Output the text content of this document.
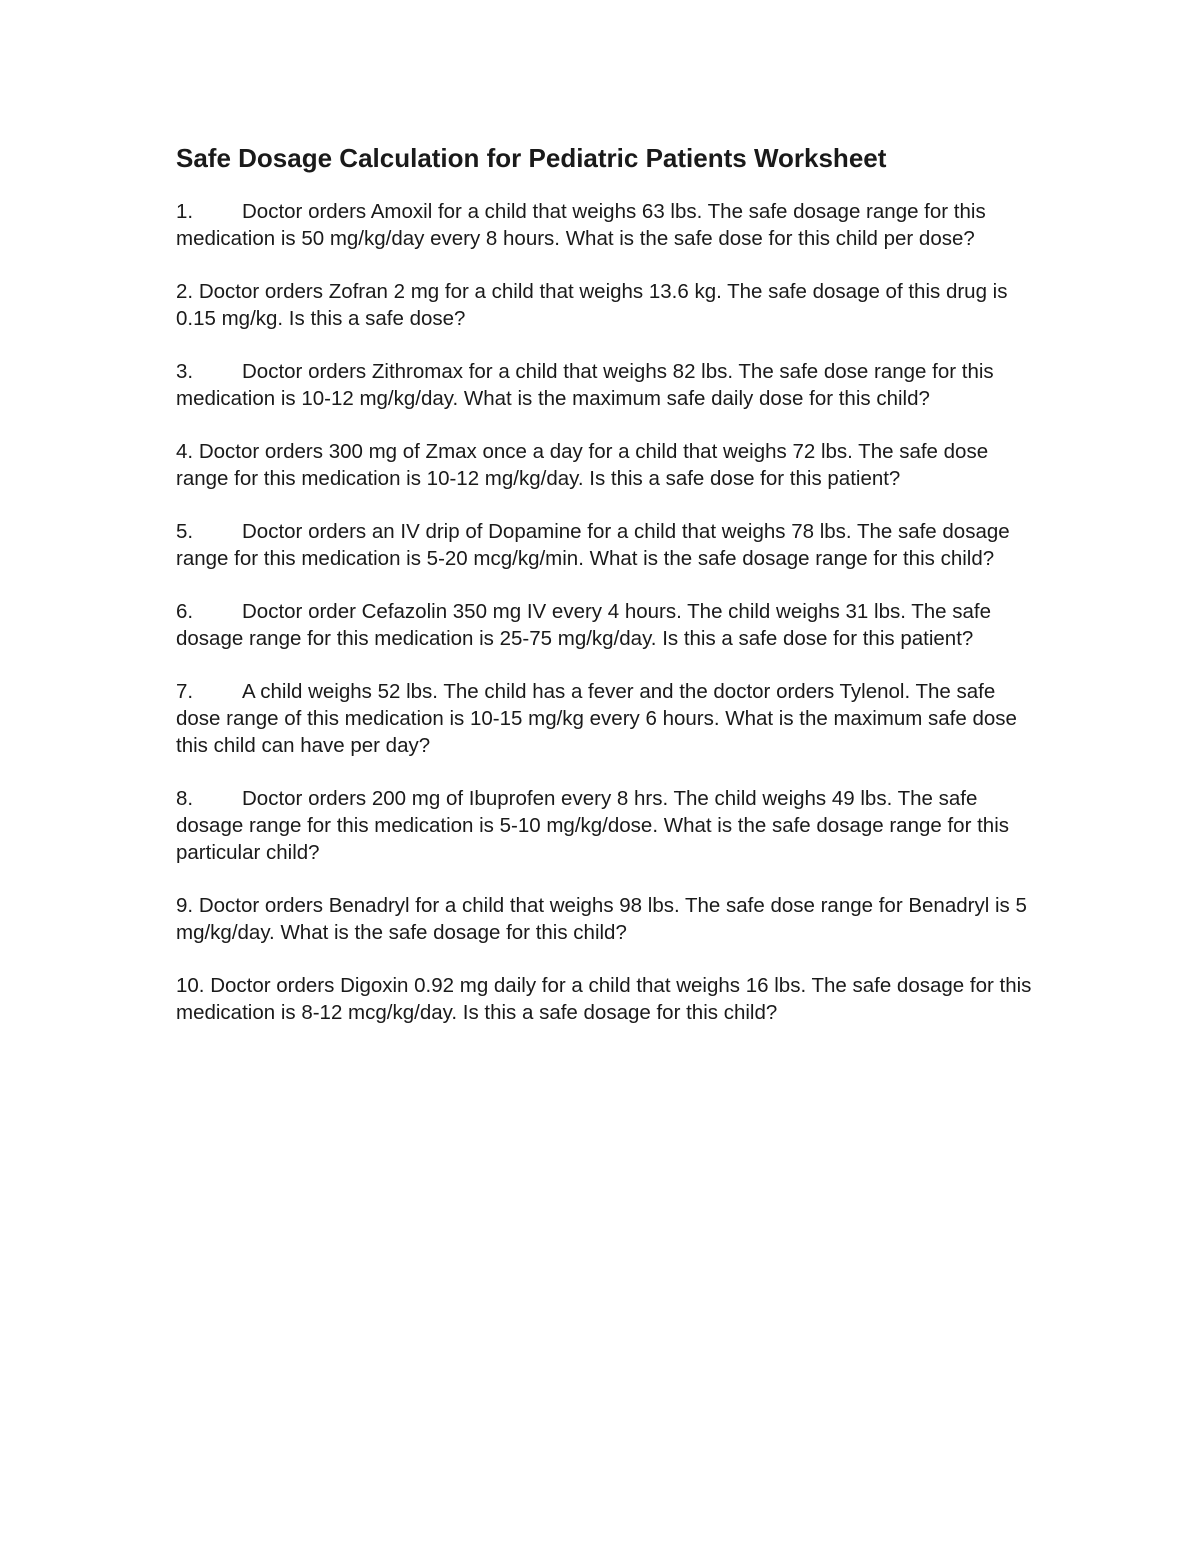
Safe Dosage Calculation for Pediatric Patients Worksheet
1. Doctor orders Amoxil for a child that weighs 63 lbs. The safe dosage range for this medication is 50 mg/kg/day every 8 hours. What is the safe dose for this child per dose?
2. Doctor orders Zofran 2 mg for a child that weighs 13.6 kg. The safe dosage of this drug is 0.15 mg/kg. Is this a safe dose?
3. Doctor orders Zithromax for a child that weighs 82 lbs. The safe dose range for this medication is 10-12 mg/kg/day. What is the maximum safe daily dose for this child?
4. Doctor orders 300 mg of Zmax once a day for a child that weighs 72 lbs. The safe dose range for this medication is 10-12 mg/kg/day. Is this a safe dose for this patient?
5. Doctor orders an IV drip of Dopamine for a child that weighs 78 lbs. The safe dosage range for this medication is 5-20 mcg/kg/min. What is the safe dosage range for this child?
6. Doctor order Cefazolin 350 mg IV every 4 hours. The child weighs 31 lbs. The safe dosage range for this medication is 25-75 mg/kg/day. Is this a safe dose for this patient?
7. A child weighs 52 lbs. The child has a fever and the doctor orders Tylenol. The safe dose range of this medication is 10-15 mg/kg every 6 hours. What is the maximum safe dose this child can have per day?
8. Doctor orders 200 mg of Ibuprofen every 8 hrs. The child weighs 49 lbs. The safe dosage range for this medication is 5-10 mg/kg/dose. What is the safe dosage range for this particular child?
9. Doctor orders Benadryl for a child that weighs 98 lbs. The safe dose range for Benadryl is 5 mg/kg/day. What is the safe dosage for this child?
10. Doctor orders Digoxin 0.92 mg daily for a child that weighs 16 lbs. The safe dosage for this medication is 8-12 mcg/kg/day. Is this a safe dosage for this child?
